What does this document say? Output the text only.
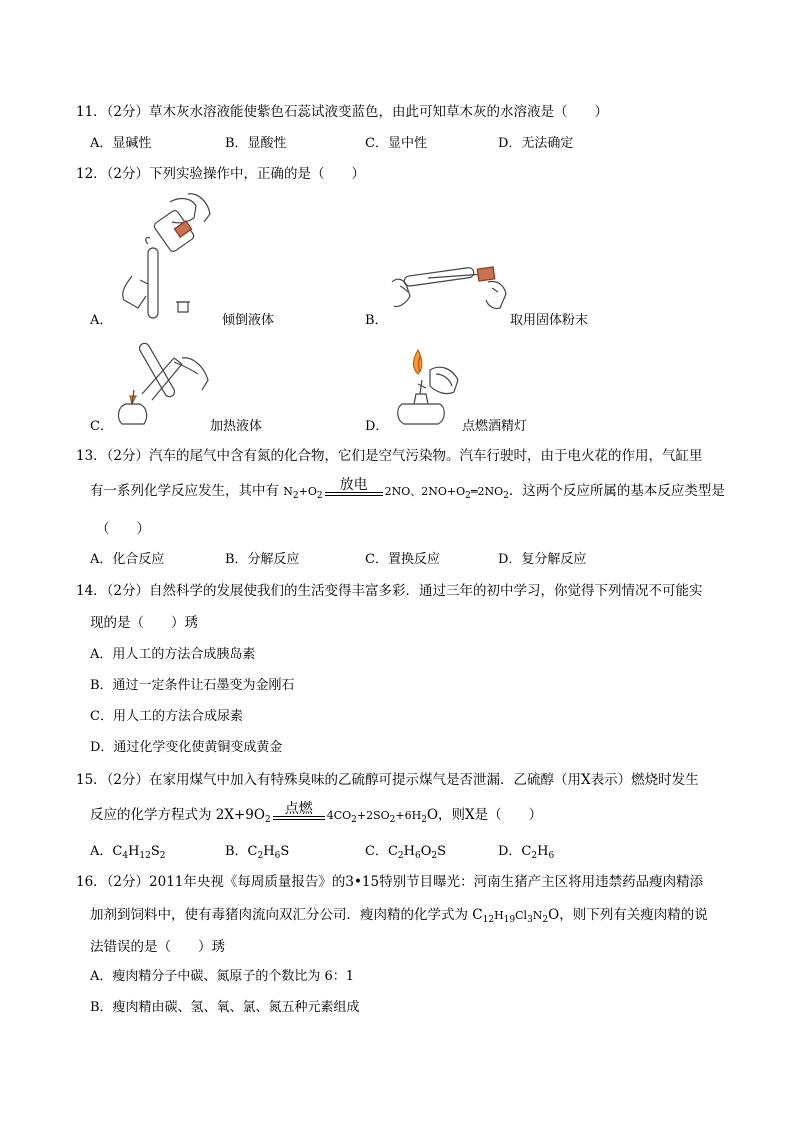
11．（2分）草木灰水溶液能使紫色石蕊试液变蓝色，由此可知草木灰的水溶液是（　　）
A．显碱性	B．显酸性	C．显中性	D．无法确定
12．（2分）下列实验操作中，正确的是（　　）
A．	倾倒液体	B．	取用固体粉末
C．	加热液体	D．	点燃酒精灯
13．（2分）汽车的尾气中含有氮的化合物，它们是空气污染物。汽车行驶时，由于电火花的作用，气缸里
有一系列化学反应发生，其中有 $N_2+O_2$
放电	2NO、$2NO+O_2═2NO_2$．这两个反应所属的基本反应类型是
（　　）
A．化合反应	B．分解反应	C．置换反应	D．复分解反应
14．（2分）自然科学的发展使我们的生活变得丰富多彩．通过三年的初中学习，你觉得下列情况不可能实
现的是（　　）琇
A．用人工的方法合成胰岛素
B．通过一定条件让石墨变为金刚石
C．用人工的方法合成尿素
D．通过化学变化使黄铜变成黄金
15．（2分）在家用煤气中加入有特殊臭味的乙硫醇可提示煤气是否泄漏．乙硫醇（用X表示）燃烧时发生
反应的化学方程式为 $2X+9O_2$
点燃	$4CO_2+2SO_2+6H_2O$，则X是（　　）
A．$C_4H_{12}S_2$	B．$C_2H_6S$	C．$C_2H_6O_2S$	D．$C_2H_6$
16．（2分）2011年央视《每周质量报告》的3•15特别节目曝光：河南生猪产主区将用违禁药品瘦肉精添
加剂到饲料中，使有毒猪肉流向双汇分公司．瘦肉精的化学式为 $C_{12}H_{19}Cl_3N_2O$，则下列有关瘦肉精的说
法错误的是（　　）琇
A．瘦肉精分子中碳、氮原子的个数比为 6：1
B．瘦肉精由碳、氢、氧、氯、氮五种元素组成
